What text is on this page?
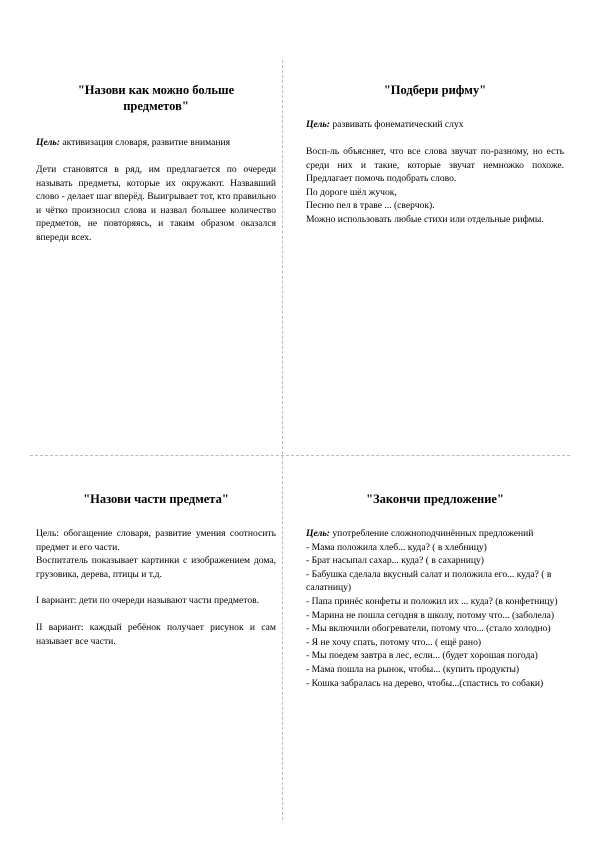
"Назови как можно больше предметов"

Цель: активизация словаря, развитие внимания

Дети становятся в ряд, им предлагается по очереди называть предметы, которые их окружают. Назвавший слово - делает шаг вперёд. Выигрывает тот, кто правильно и чётко произносил слова и назвал большее количество предметов, не повторяясь, и таким образом оказался впереди всех.

"Подбери рифму"

Цель: развивать фонематический слух

Восп-ль объясняет, что все слова звучат по-разному, но есть среди них и такие, которые звучат немножко похоже. Предлагает помочь подобрать слово.

По дороге шёл жучок,

Песню пел в траве ... (сверчок).

Можно использовать любые стихи или отдельные рифмы.

"Назови части предмета"

Цель: обогащение словаря, развитие умения соотносить предмет и его части.

Воспитатель показывает картинки с изображением дома, грузовика, дерева, птицы и т.д.

I вариант: дети по очереди называют части предметов.

II вариант: каждый ребёнок получает рисунок и сам называет все части.

"Закончи предложение"

Цель: употребление сложноподчинённых предложений

- Мама положила хлеб... куда? ( в хлебницу)

- Брат насыпал сахар... куда? ( в сахарницу)

- Бабушка сделала вкусный салат и положила его... куда? ( в салатницу)

- Папа принёс конфеты и положил их ... куда? (в конфетницу)

- Марина не пошла сегодня в школу, потому что... (заболела)

- Мы включили обогреватели, потому что... (стало холодно)

- Я не хочу спать, потому что... ( ещё рано)

- Мы поедем завтра в лес, если... (будет хорошая погода)

- Мама пошла на рынок, чтобы... (купить продукты)

- Кошка забралась на дерево, чтобы...(спастись то собаки)
